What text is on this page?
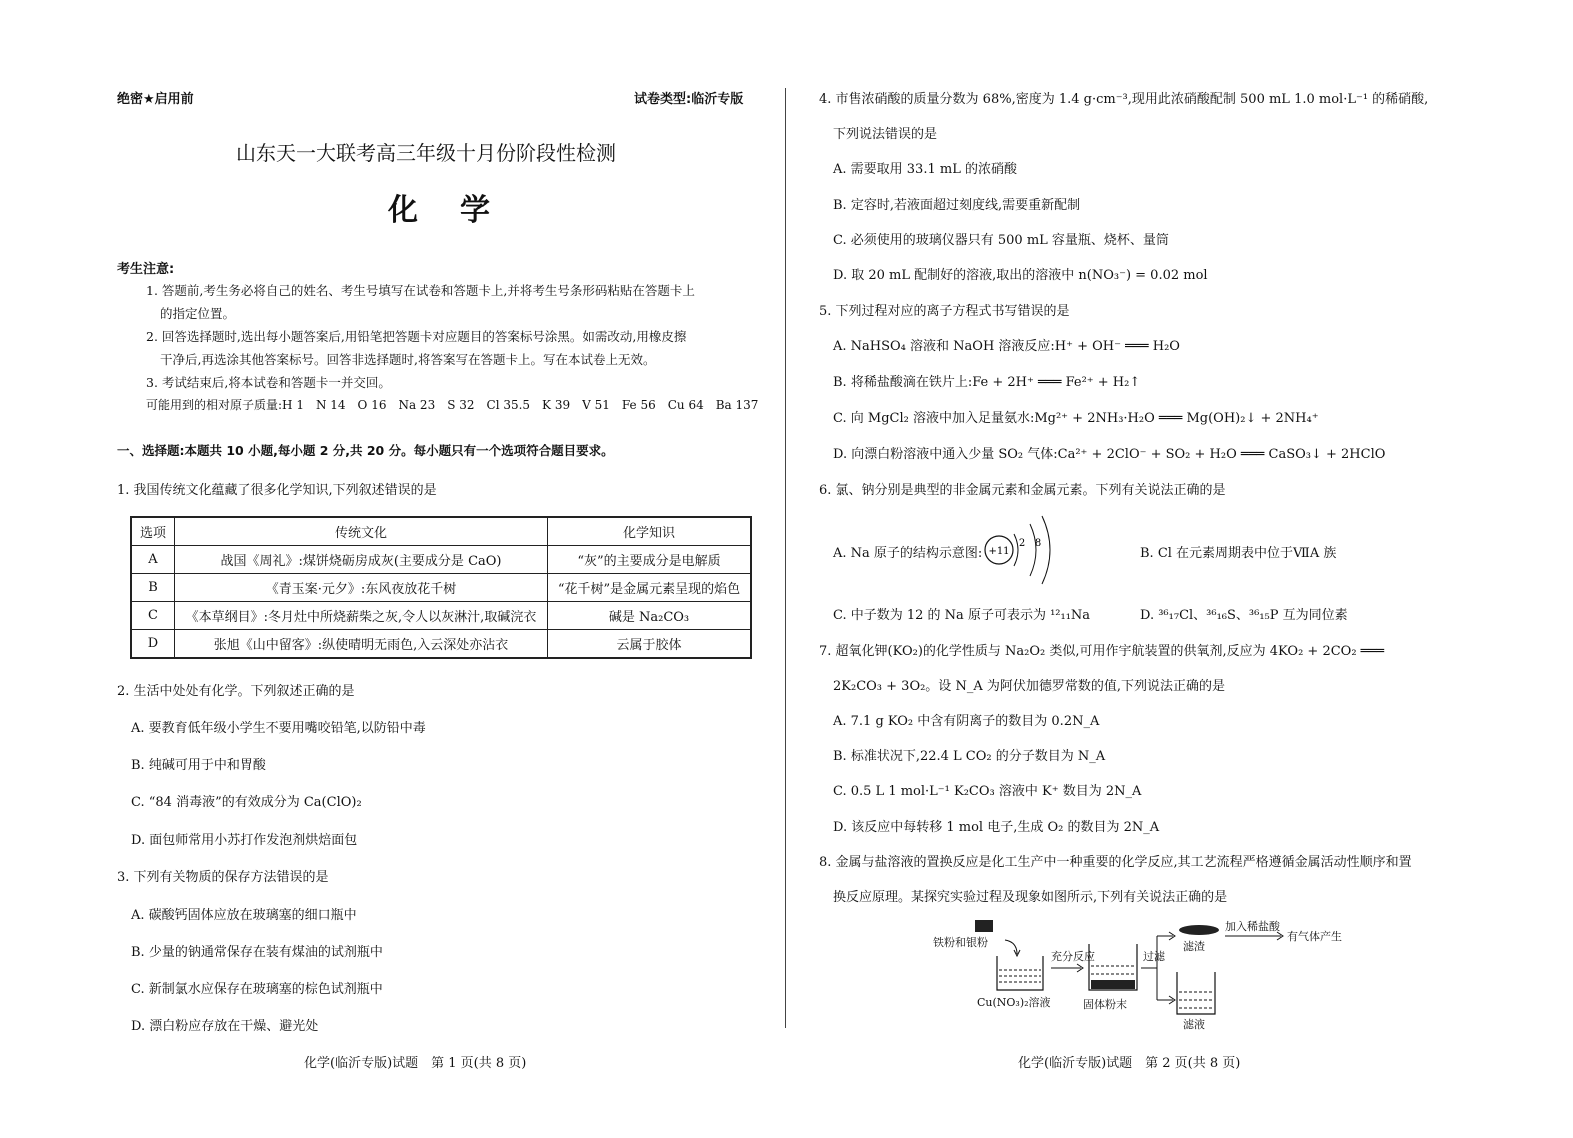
绝密★启用前	试卷类型:临沂专版
山东天一大联考高三年级十月份阶段性检测
化　学
考生注意:
1. 答题前,考生务必将自己的姓名、考生号填写在试卷和答题卡上,并将考生号条形码粘贴在答题卡上
的指定位置。
2. 回答选择题时,选出每小题答案后,用铅笔把答题卡对应题目的答案标号涂黑。如需改动,用橡皮擦
干净后,再选涂其他答案标号。回答非选择题时,将答案写在答题卡上。写在本试卷上无效。
3. 考试结束后,将本试卷和答题卡一并交回。
可能用到的相对原子质量:H 1　N 14　O 16　Na 23　S 32　Cl 35.5　K 39　V 51　Fe 56　Cu 64　Ba 137
一、选择题:本题共 10 小题,每小题 2 分,共 20 分。每小题只有一个选项符合题目要求。
1. 我国传统文化蕴藏了很多化学知识,下列叙述错误的是
选项	传统文化	化学知识
A	战国《周礼》:煤饼烧砺房成灰(主要成分是 CaO)	“灰”的主要成分是电解质
B	《青玉案·元夕》:东风夜放花千树	“花千树”是金属元素呈现的焰色
C	《本草纲目》:冬月灶中所烧薪柴之灰,令人以灰淋汁,取碱浣衣	碱是 Na₂CO₃
D	张旭《山中留客》:纵使晴明无雨色,入云深处亦沾衣	云属于胶体
2. 生活中处处有化学。下列叙述正确的是
A. 要教育低年级小学生不要用嘴咬铅笔,以防铅中毒
B. 纯碱可用于中和胃酸
C. “84 消毒液”的有效成分为 Ca(ClO)₂
D. 面包师常用小苏打作发泡剂烘焙面包
3. 下列有关物质的保存方法错误的是
A. 碳酸钙固体应放在玻璃塞的细口瓶中
B. 少量的钠通常保存在装有煤油的试剂瓶中
C. 新制氯水应保存在玻璃塞的棕色试剂瓶中
D. 漂白粉应存放在干燥、避光处
化学(临沂专版)试题　第 1 页(共 8 页)
4. 市售浓硝酸的质量分数为 68%,密度为 1.4 g·cm⁻³,现用此浓硝酸配制 500 mL 1.0 mol·L⁻¹ 的稀硝酸,
下列说法错误的是
A. 需要取用 33.1 mL 的浓硝酸
B. 定容时,若液面超过刻度线,需要重新配制
C. 必须使用的玻璃仪器只有 500 mL 容量瓶、烧杯、量筒
D. 取 20 mL 配制好的溶液,取出的溶液中 n(NO₃⁻) = 0.02 mol
5. 下列过程对应的离子方程式书写错误的是
A. NaHSO₄ 溶液和 NaOH 溶液反应:H⁺ + OH⁻ ═══ H₂O
B. 将稀盐酸滴在铁片上:Fe + 2H⁺ ═══ Fe²⁺ + H₂↑
C. 向 MgCl₂ 溶液中加入足量氨水:Mg²⁺ + 2NH₃·H₂O ═══ Mg(OH)₂↓ + 2NH₄⁺
D. 向漂白粉溶液中通入少量 SO₂ 气体:Ca²⁺ + 2ClO⁻ + SO₂ + H₂O ═══ CaSO₃↓ + 2HClO
6. 氯、钠分别是典型的非金属元素和金属元素。下列有关说法正确的是
A. Na 原子的结构示意图: +11
2 8
B. Cl 在元素周期表中位于ⅦA 族
C. 中子数为 12 的 Na 原子可表示为 ¹²₁₁Na	D. ³⁶₁₇Cl、³⁶₁₆S、³⁶₁₅P 互为同位素
7. 超氧化钾(KO₂)的化学性质与 Na₂O₂ 类似,可用作宇航装置的供氧剂,反应为 4KO₂ + 2CO₂ ═══
2K₂CO₃ + 3O₂。设 N_A 为阿伏加德罗常数的值,下列说法正确的是
A. 7.1 g KO₂ 中含有阴离子的数目为 0.2N_A
B. 标准状况下,22.4 L CO₂ 的分子数目为 N_A
C. 0.5 L 1 mol·L⁻¹ K₂CO₃ 溶液中 K⁺ 数目为 2N_A
D. 该反应中每转移 1 mol 电子,生成 O₂ 的数目为 2N_A
8. 金属与盐溶液的置换反应是化工生产中一种重要的化学反应,其工艺流程严格遵循金属活动性顺序和置
换反应原理。某探究实验过程及现象如图所示,下列有关说法正确的是
铁粉和银粉
Cu(NO₃)₂溶液
充分反应
固体粉末
过滤
滤渣
加入稀盐酸
有气体产生
滤液
化学(临沂专版)试题　第 2 页(共 8 页)
